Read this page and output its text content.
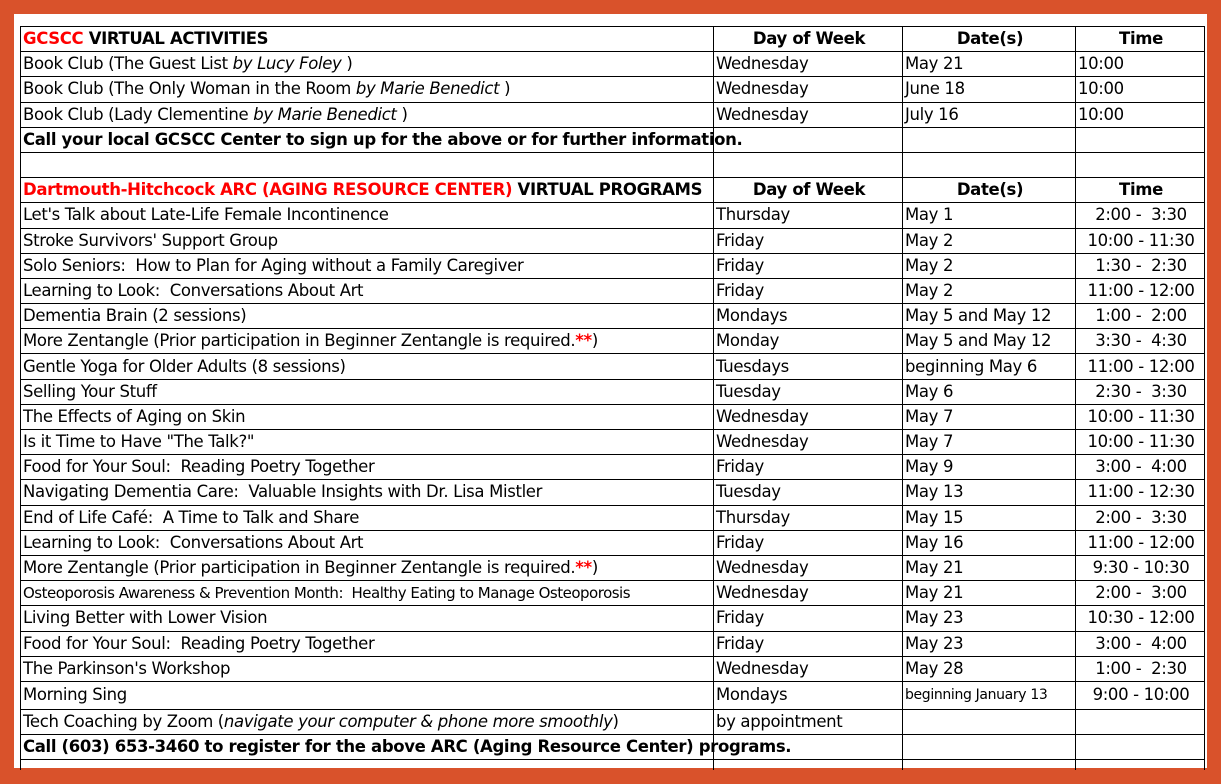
GCSCC VIRTUAL ACTIVITIES	Day of Week	Date(s)	Time
Book Club (The Guest List by Lucy Foley )	Wednesday	May 21	10:00
Book Club (The Only Woman in the Room by Marie Benedict )	Wednesday	June 18	10:00
Book Club (Lady Clementine by Marie Benedict )	Wednesday	July 16	10:00
Call your local GCSCC Center to sign up for the above or for further information.			

Dartmouth-Hitchcock ARC (AGING RESOURCE CENTER) VIRTUAL PROGRAMS	Day of Week	Date(s)	Time
Let's Talk about Late-Life Female Incontinence	Thursday	May 1	2:00 -  3:30
Stroke Survivors' Support Group	Friday	May 2	10:00 - 11:30
Solo Seniors:  How to Plan for Aging without a Family Caregiver	Friday	May 2	1:30 -  2:30
Learning to Look:  Conversations About Art	Friday	May 2	11:00 - 12:00
Dementia Brain (2 sessions)	Mondays	May 5 and May 12	1:00 -  2:00
More Zentangle (Prior participation in Beginner Zentangle is required.**)	Monday	May 5 and May 12	3:30 -  4:30
Gentle Yoga for Older Adults (8 sessions)	Tuesdays	beginning May 6	11:00 - 12:00
Selling Your Stuff	Tuesday	May 6	2:30 -  3:30
The Effects of Aging on Skin	Wednesday	May 7	10:00 - 11:30
Is it Time to Have "The Talk?"	Wednesday	May 7	10:00 - 11:30
Food for Your Soul:  Reading Poetry Together	Friday	May 9	3:00 -  4:00
Navigating Dementia Care:  Valuable Insights with Dr. Lisa Mistler	Tuesday	May 13	11:00 - 12:30
End of Life Café:  A Time to Talk and Share	Thursday	May 15	2:00 -  3:30
Learning to Look:  Conversations About Art	Friday	May 16	11:00 - 12:00
More Zentangle (Prior participation in Beginner Zentangle is required.**)	Wednesday	May 21	9:30 - 10:30
Osteoporosis Awareness & Prevention Month:  Healthy Eating to Manage Osteoporosis	Wednesday	May 21	2:00 -  3:00
Living Better with Lower Vision	Friday	May 23	10:30 - 12:00
Food for Your Soul:  Reading Poetry Together	Friday	May 23	3:00 -  4:00
The Parkinson's Workshop	Wednesday	May 28	1:00 -  2:30
Morning Sing	Mondays	beginning January 13	9:00 - 10:00
Tech Coaching by Zoom (navigate your computer & phone more smoothly)	by appointment		
Call (603) 653-3460 to register for the above ARC (Aging Resource Center) programs.			
